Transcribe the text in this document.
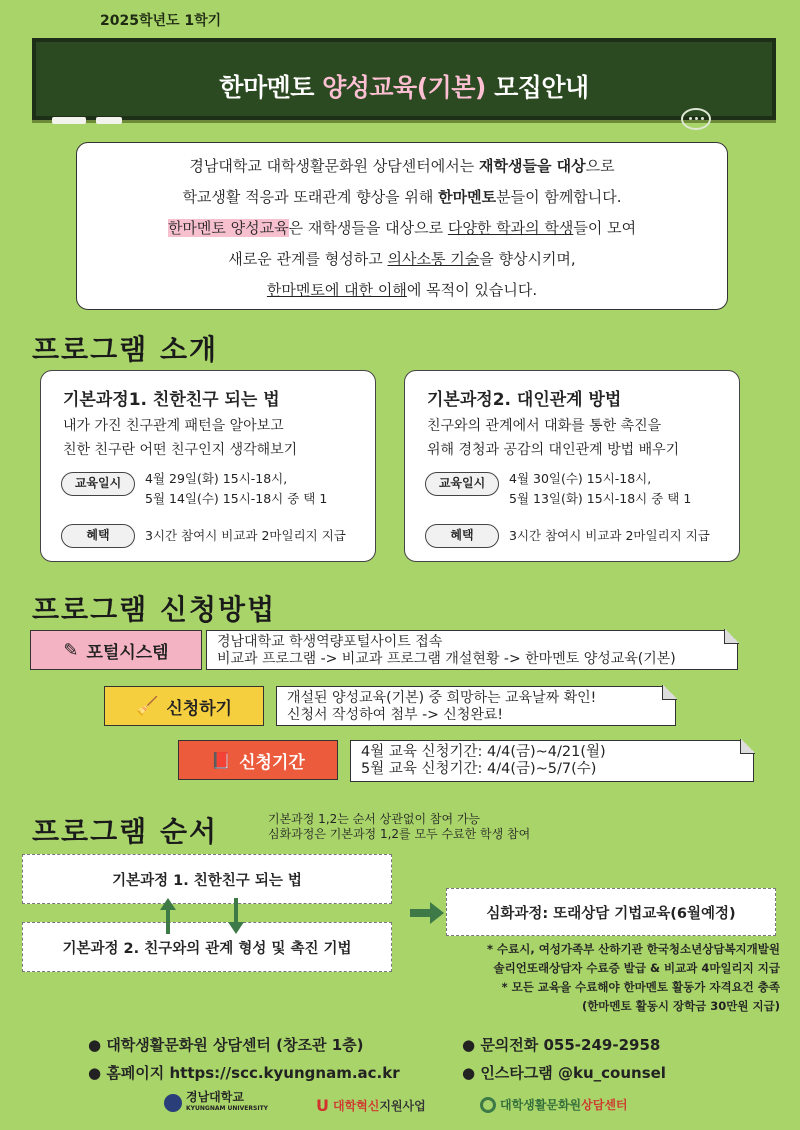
2025학년도 1학기
한마멘토 양성교육(기본) 모집안내
경남대학교 대학생활문화원 상담센터에서는 재학생들을 대상으로
학교생활 적응과 또래관계 향상을 위해 한마멘토분들이 함께합니다.
한마멘토 양성교육은 재학생들을 대상으로 다양한 학과의 학생들이 모여
새로운 관계를 형성하고 의사소통 기술을 향상시키며,
한마멘토에 대한 이해에 목적이 있습니다.
프로그램 소개
기본과정1. 친한친구 되는 법
내가 가진 친구관계 패턴을 알아보고
친한 친구란 어떤 친구인지 생각해보기
교육일시	4월 29일(화) 15시-18시,
5월 14일(수) 15시-18시 중 택 1
혜택	3시간 참여시 비교과 2마일리지 지급
기본과정2. 대인관계 방법
친구와의 관계에서 대화를 통한 촉진을
위해 경청과 공감의 대인관계 방법 배우기
교육일시	4월 30일(수) 15시-18시,
5월 13일(화) 15시-18시 중 택 1
혜택	3시간 참여시 비교과 2마일리지 지급
프로그램 신청방법
✎ 포털시스템
경남대학교 학생역량포털사이트 접속
비교과 프로그램 -> 비교과 프로그램 개설현황 -> 한마멘토 양성교육(기본)
🧹 신청하기
개설된 양성교육(기본) 중 희망하는 교육날짜 확인!
신청서 작성하여 첨부 -> 신청완료!
📕 신청기간
4월 교육 신청기간: 4/4(금)~4/21(월)
5월 교육 신청기간: 4/4(금)~5/7(수)
프로그램 순서	기본과정 1,2는 순서 상관없이 참여 가능
심화과정은 기본과정 1,2를 모두 수료한 학생 참여
기본과정 1. 친한친구 되는 법
기본과정 2. 친구와의 관계 형성 및 촉진 기법
심화과정: 또래상담 기법교육(6월예정)
* 수료시, 여성가족부 산하기관 한국청소년상담복지개발원
솔리언또래상담자 수료증 발급 & 비교과 4마일리지 지급
* 모든 교육을 수료해야 한마멘토 활동가 자격요건 충족
(한마멘토 활동시 장학금 30만원 지급)
● 대학생활문화원 상담센터 (창조관 1층)	● 문의전화 055-249-2958
● 홈페이지 https://scc.kyungnam.ac.kr	● 인스타그램 @ku_counsel
경남대학교
KYUNGNAM UNIVERSITY	U 대학혁신지원사업	대학생활문화원상담센터
